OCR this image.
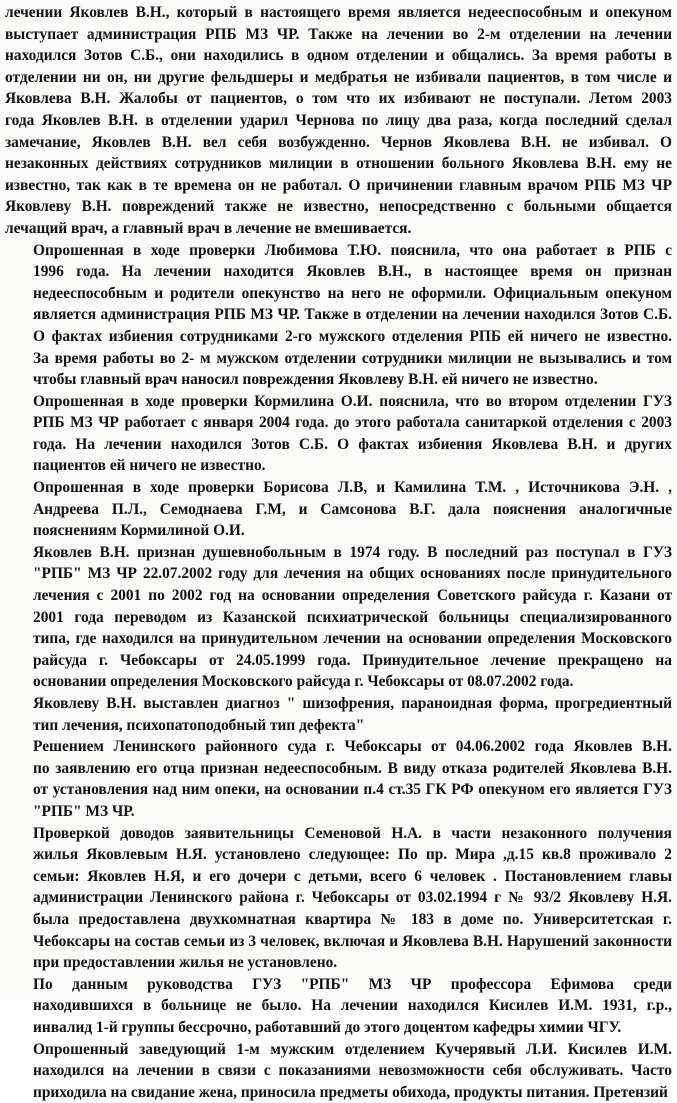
лечении Яковлев В.Н., который в настоящего время является недееспособным и опекуном
выступает администрация РПБ МЗ ЧР. Также на лечении во 2-м отделении на лечении
находился Зотов С.Б., они находились в одном отделении и общались. За время работы в
отделении ни он, ни другие фельдшеры и медбратья не избивали пациентов, в том числе и
Яковлева В.Н. Жалобы от пациентов, о том что их избивают не поступали. Летом 2003
года Яковлев В.Н. в отделении ударил Чернова по лицу два раза, когда последний сделал
замечание, Яковлев В.Н. вел себя возбужденно. Чернов Яковлева В.Н. не избивал. О
незаконных действиях сотрудников милиции в отношении больного Яковлева В.Н. ему не
известно, так как в те времена он не работал. О причинении главным врачом РПБ МЗ ЧР
Яковлеву В.Н. повреждений также не известно, непосредственно с больными общается
лечащий врач, а главный врач в лечение не вмешивается.

Опрошенная в ходе проверки Любимова Т.Ю. пояснила, что она работает в РПБ с
1996 года. На лечении находится Яковлев В.Н., в настоящее время он признан
недееспособным и родители опекунство на него не оформили. Официальным опекуном
является администрация РПБ МЗ ЧР. Также в отделении на лечении находился Зотов С.Б.
О фактах избиения сотрудниками 2-го мужского отделения РПБ ей ничего не известно.
За время работы во 2- м мужском отделении сотрудники милиции не вызывались и том
чтобы главный врач наносил повреждения Яковлеву В.Н. ей ничего не известно.

Опрошенная в ходе проверки Кормилина О.И. пояснила, что во втором отделении ГУЗ
РПБ МЗ ЧР работает с января 2004 года. до этого работала санитаркой отделения с 2003
года. На лечении находился Зотов С.Б. О фактах избиения Яковлева В.Н. и других
пациентов ей ничего не известно.

Опрошенная в ходе проверки Борисова Л.В, и Камилина Т.М. , Источникова Э.Н. ,
Андреева П.Л., Семоднаева Г.М, и Самсонова В.Г. дала пояснения аналогичные
пояснениям Кормилиной О.И.

Яковлев В.Н. признан душевнобольным в 1974 году. В последний раз поступал в ГУЗ
"РПБ" МЗ ЧР 22.07.2002 году для лечения на общих основаниях после принудительного
лечения с 2001 по 2002 год на основании определения Советского райсуда г. Казани от
2001 года переводом из Казанской психиатрической больницы специализированного
типа, где находился на принудительном лечении на основании определения Московского
райсуда г. Чебоксары от 24.05.1999 года. Принудительное лечение прекращено на
основании определения Московского райсуда г. Чебоксары от 08.07.2002 года.

Яковлеву В.Н. выставлен диагноз " шизофрения, параноидная форма, прогредиентный
тип лечения, психопатоподобный тип дефекта"

Решением Ленинского районного суда г. Чебоксары от 04.06.2002 года Яковлев В.Н.
по заявлению его отца признан недееспособным. В виду отказа родителей Яковлева В.Н.
от установления над ним опеки, на основании п.4 ст.35 ГК РФ опекуном его является ГУЗ
"РПБ" МЗ ЧР.

Проверкой доводов заявительницы Семеновой Н.А. в части незаконного получения
жилья Яковлевым Н.Я. установлено следующее: По пр. Мира ,д.15 кв.8 проживало 2
семьи: Яковлев Н.Я, и его дочери с детьми, всего 6 человек . Постановлением главы
администрации Ленинского района г. Чебоксары от 03.02.1994 г № 93/2 Яковлеву Н.Я.
была предоставлена двухкомнатная квартира № 183 в доме по. Университетская г.
Чебоксары на состав семьи из 3 человек, включая и Яковлева В.Н. Нарушений законности
при предоставлении жилья не установлено.

По данным руководства ГУЗ "РПБ" МЗ ЧР профессора Ефимова среди
находившихся в больнице не было. На лечении находился Кисилев И.М. 1931, г.р.,
инвалид 1-й группы бессрочно, работавший до этого доцентом кафедры химии ЧГУ.

Опрошенный заведующий 1-м мужским отделением Кучерявый Л.И. Кисилев И.М.
находился на лечении в связи с показаниями невозможности себя обслуживать. Часто
приходила на свидание жена, приносила предметы обихода, продукты питания. Претензий
